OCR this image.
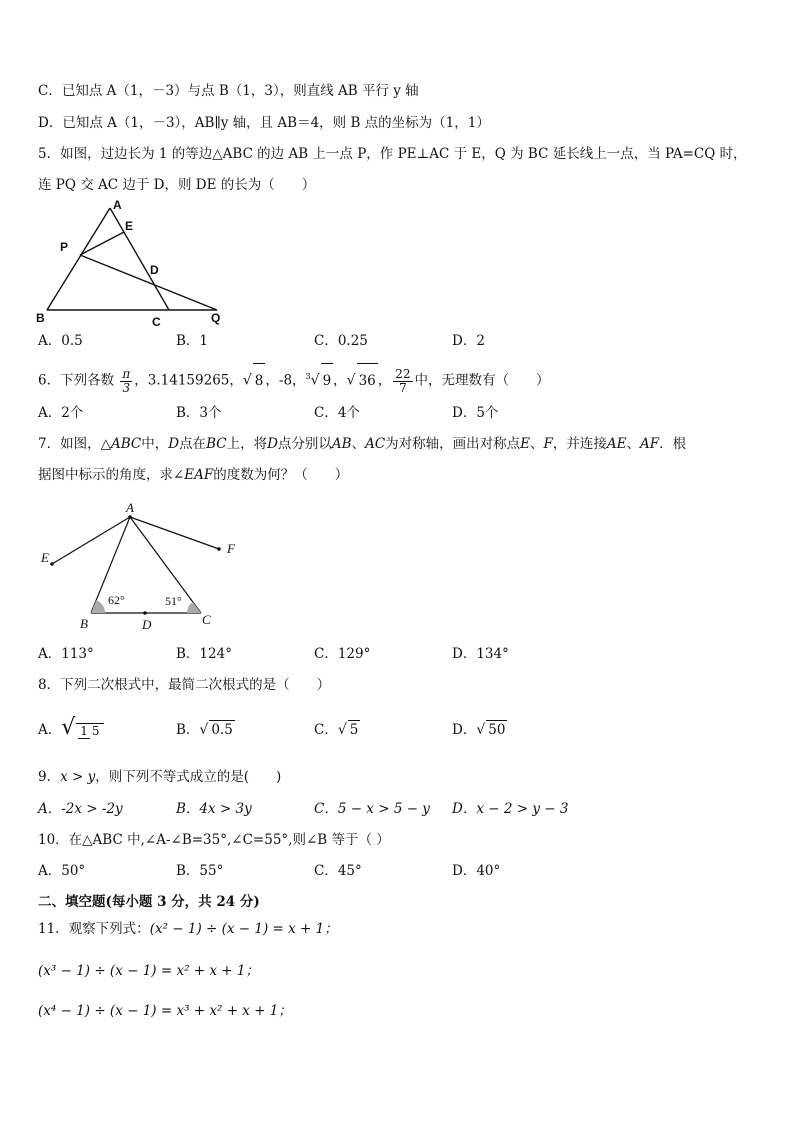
C．已知点 A（1，－3）与点 B（1，3），则直线 AB 平行 y 轴
D．已知点 A（1，－3），AB∥y 轴，且 AB＝4，则 B 点的坐标为（1，1）
5．如图，过边长为 1 的等边△ABC 的边 AB 上一点 P，作 PE⊥AC 于 E，Q 为 BC 延长线上一点，当 PA=CQ 时，
连 PQ 交 AC 边于 D，则 DE 的长为（　　）
A
E
P
D
B	C	Q
A．0.5	B．1	C．0.25	D．2
6．下列各数 $\frac{\pi}{3}$ ，3.14159265，√ 8 ，-8，$^3$√ 9 ，√ 36 ， $\frac{22}{7}$ 中，无理数有（　　）
A．2个	B．3个	C．4个	D．5个
7．如图，△ABC中，D点在BC上，将D点分别以AB、AC为对称轴，画出对称点E、F，并连接AE、AF．根
据图中标示的角度，求∠EAF的度数为何？（　　）
A
E
F
B	D	C
62°	51°
A．113°	B．124°	C．129°	D．134°
8．下列二次根式中，最简二次根式的是（　　）
A．√ 1 5	B．√ 0.5	C．√ 5	D．√ 50
9．x > y，则下列不等式成立的是(　　)
A．-2x > -2y	B．4x > 3y	C．5 − x > 5 − y D．x − 2 > y − 3
10．在△ABC 中,∠A-∠B=35°,∠C=55°,则∠B 等于（ ）
A．50°	B．55°	C．45°	D．40°
二、填空题(每小题 3 分，共 24 分)
11．观察下列式：(x² − 1) ÷ (x − 1) = x + 1；
(x³ − 1) ÷ (x − 1) = x² + x + 1；
(x⁴ − 1) ÷ (x − 1) = x³ + x² + x + 1；
